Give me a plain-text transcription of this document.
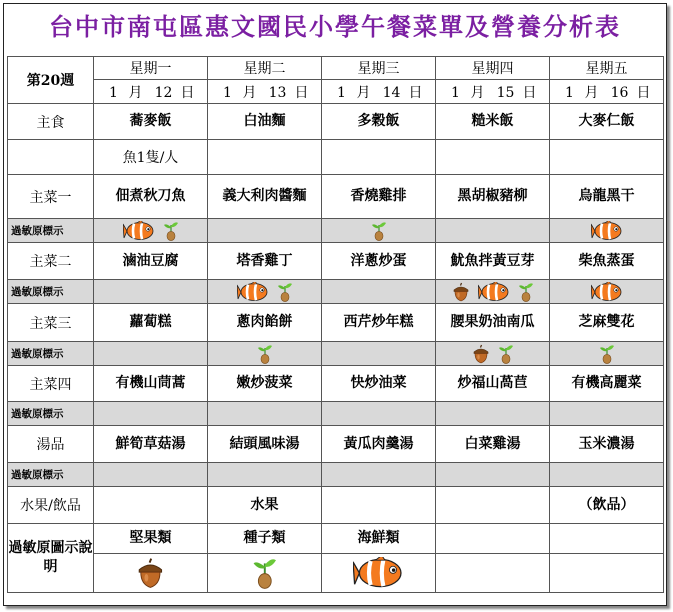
台中市南屯區惠文國民小學午餐菜單及營養分析表
第20週	星期一	星期二	星期三	星期四	星期五
	1 月 12 日	1 月 13 日	1 月 14 日	1 月 15 日	1 月 16 日
主食	蕎麥飯	白油麵	多穀飯	糙米飯	大麥仁飯
	魚1隻/人				
主菜一	佃煮秋刀魚	義大利肉醬麵	香燒雞排	黑胡椒豬柳	烏龍黑干
過敏原標示	

主菜二	滷油豆腐	塔香雞丁	洋蔥炒蛋	魷魚拌黃豆芽	柴魚蒸蛋
過敏原標示		

主菜三	蘿蔔糕	蔥肉餡餅	西芹炒年糕	腰果奶油南瓜	芝麻雙花
過敏原標示		

主菜四	有機山茼蒿	嫩炒菠菜	快炒油菜	炒福山萵苣	有機高麗菜
過敏原標示					
湯品	鮮筍草菇湯	結頭風味湯	黃瓜肉羹湯	白菜雞湯	玉米濃湯
過敏原標示					
水果/飲品		水果			（飲品）
過敏原圖示說明	堅果類	種子類	海鮮類		
